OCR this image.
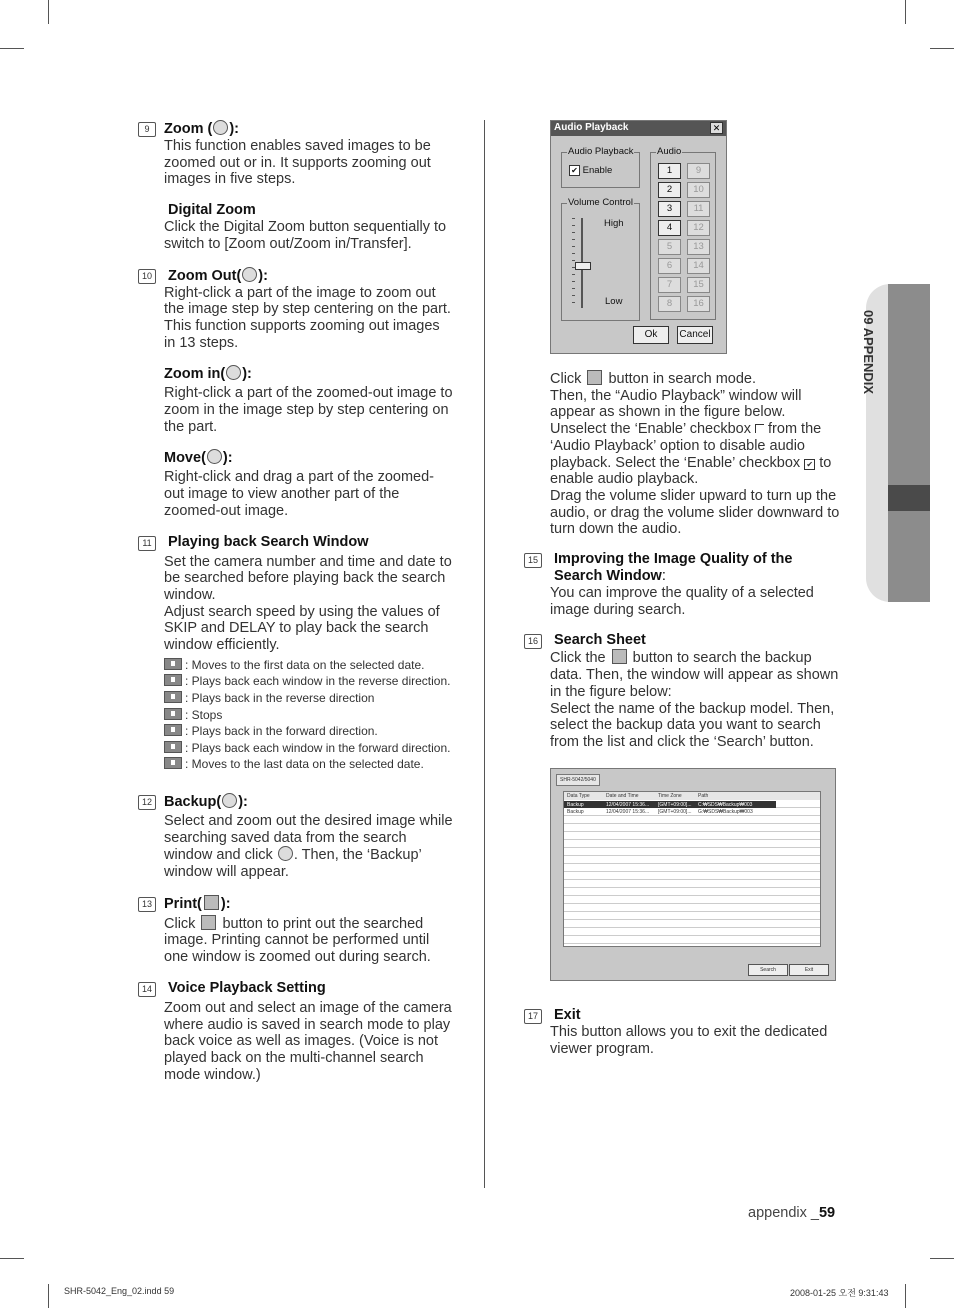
09 APPENDIX
9	Zoom ( ):
This function enables saved images to be zoomed out or in. It supports zooming out images in five steps.
Digital Zoom
Click the Digital Zoom button sequentially to switch to [Zoom out/Zoom in/Transfer].
10 Zoom Out( ):
Right-click a part of the image to zoom out the image step by step centering on the part. This function supports zooming out images in 13 steps.
Zoom in( ):
Right-click a part of the zoomed-out image to zoom in the image step by step centering on the part.
Move( ):
Right-click and drag a part of the zoomed-out image to view another part of the zoomed-out image.
11 Playing back Search Window
Set the camera number and time and date to be searched before playing back the search window.
Adjust search speed by using the values of SKIP and DELAY to play back the search window efficiently.
: Moves to the first data on the selected date.
: Plays back each window in the reverse direction.
: Plays back in the reverse direction
: Stops
: Plays back in the forward direction.
: Plays back each window in the forward direction.
: Moves to the last data on the selected date.
12 Backup( ):
Select and zoom out the desired image while searching saved data from the search window and click . Then, the ‘Backup’ window will appear.
13 Print( ):
Click button to print out the searched image. Printing cannot be performed until one window is zoomed out during search.
14 Voice Playback Setting
Zoom out and select an image of the camera where audio is saved in search mode to play back voice as well as images. (Voice is not played back on the multi-channel search mode window.)
Audio Playback	✕
Audio Playback
✔ Enable
Volume Control
High
Low
Audio
1	9
2	10
3	11
4	12
5	13
6	14
7	15
8	16
Ok	Cancel
Click button in search mode.
Then, the “Audio Playback” window will appear as shown in the figure below.
Unselect the ‘Enable’ checkbox from the ‘Audio Playback’ option to disable audio playback. Select the ‘Enable’ checkbox ✔ to enable audio playback.
Drag the volume slider upward to turn up the audio, or drag the volume slider downward to turn down the audio.
15 Improving the Image Quality of the Search Window:
You can improve the quality of a selected image during search.
16 Search Sheet
Click the button to search the backup data. Then, the window will appear as shown in the figure below:
Select the name of the backup model. Then, select the backup data you want to search from the list and click the ‘Search’ button.
SHR-5042/5040
Data Type	Date and Time	Time Zone	Path
Backup	12/04/2007 15:36... [GMT+09:00]... C:₩SDS₩Backup₩003
Backup	12/04/2007 15:36... [GMT+09:00]... G:₩SDS₩Backup₩003
Search	Exit
17 Exit
This button allows you to exit the dedicated viewer program.
appendix _59
SHR-5042_Eng_02.indd 59	2008-01-25 오전 9:31:43
